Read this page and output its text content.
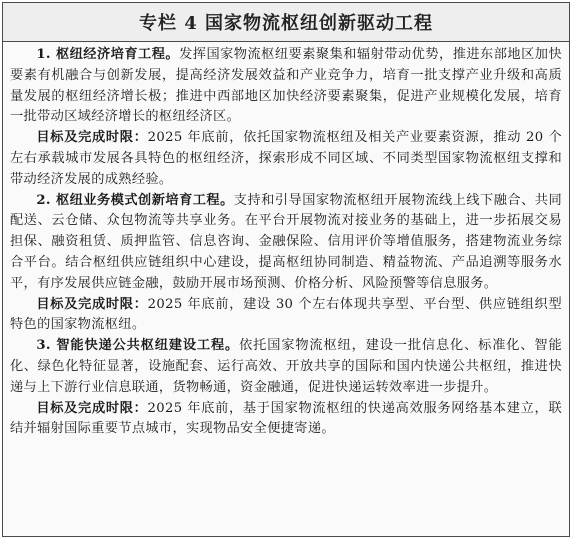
专栏 4 国家物流枢纽创新驱动工程

1. 枢纽经济培育工程。发挥国家物流枢纽要素聚集和辐射带动优势，推进东部地区加快要素有机融合与创新发展，提高经济发展效益和产业竞争力，培育一批支撑产业升级和高质量发展的枢纽经济增长极；推进中西部地区加快经济要素聚集，促进产业规模化发展，培育一批带动区域经济增长的枢纽经济区。

目标及完成时限：2025 年底前，依托国家物流枢纽及相关产业要素资源，推动 20 个左右承载城市发展各具特色的枢纽经济，探索形成不同区域、不同类型国家物流枢纽支撑和带动经济发展的成熟经验。

2. 枢纽业务模式创新培育工程。支持和引导国家物流枢纽开展物流线上线下融合、共同配送、云仓储、众包物流等共享业务。在平台开展物流对接业务的基础上，进一步拓展交易担保、融资租赁、质押监管、信息咨询、金融保险、信用评价等增值服务，搭建物流业务综合平台。结合枢纽供应链组织中心建设，提高枢纽协同制造、精益物流、产品追溯等服务水平，有序发展供应链金融，鼓励开展市场预测、价格分析、风险预警等信息服务。

目标及完成时限：2025 年底前，建设 30 个左右体现共享型、平台型、供应链组织型特色的国家物流枢纽。

3. 智能快递公共枢纽建设工程。依托国家物流枢纽，建设一批信息化、标准化、智能化、绿色化特征显著，设施配套、运行高效、开放共享的国际和国内快递公共枢纽，推进快递与上下游行业信息联通，货物畅通，资金融通，促进快递运转效率进一步提升。

目标及完成时限：2025 年底前，基于国家物流枢纽的快递高效服务网络基本建立，联结并辐射国际重要节点城市，实现物品安全便捷寄递。
